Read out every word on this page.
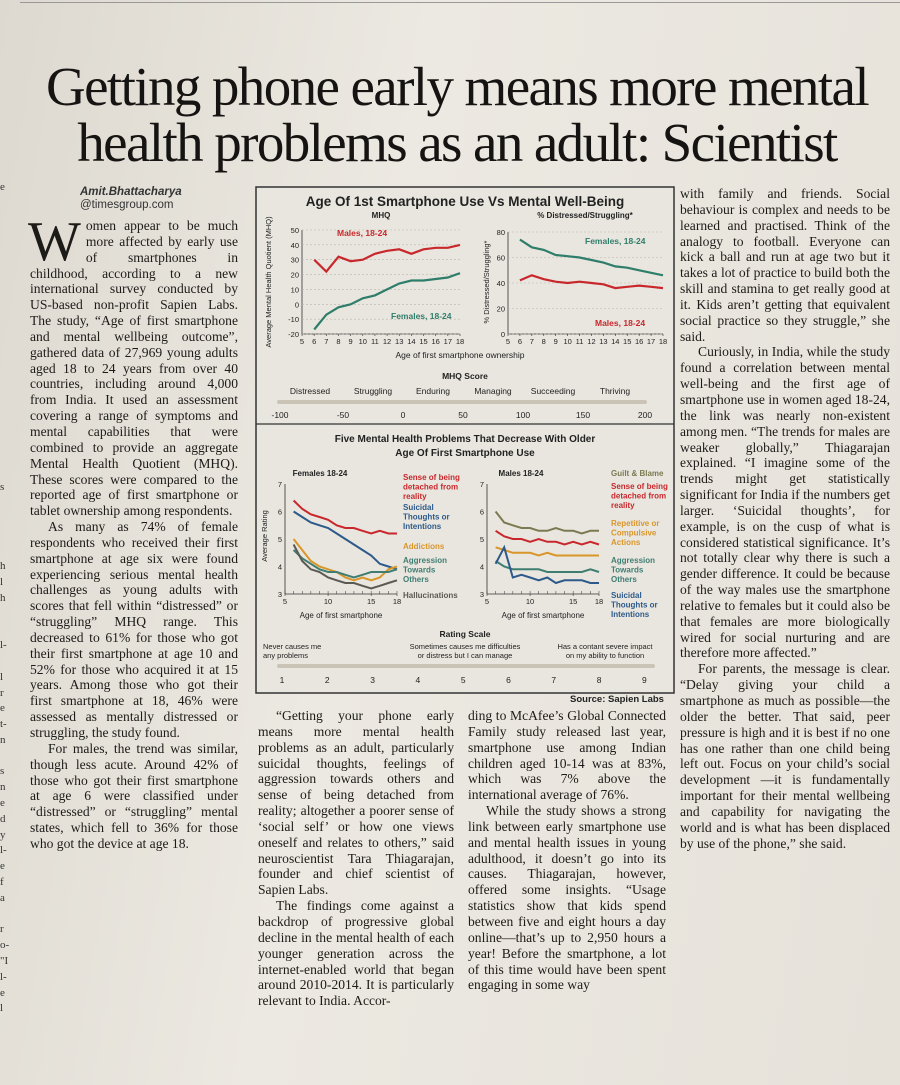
e
s
h
l
h
l-
l
r
e
t-
n
s
n
e
d
y
l-
e
f
a
r
o-
"I
l-
e
l
Getting phone early means more mental
health problems as an adult: Scientist
Amit.Bhattacharya
@timesgroup.com

Women appear to be much more affected by early use of smartphones in childhood, according to a new international survey conducted by US-based non-profit Sapien Labs. The study, “Age of first smartphone and mental wellbeing outcome”, gathered data of 27,969 young adults aged 18 to 24 years from over 40 countries, including around 4,000 from India. It used an assessment covering a range of symptoms and mental capabilities that were combined to provide an aggregate Mental Health Quotient (MHQ). These scores were compared to the reported age of first smartphone or tablet ownership among respondents.

As many as 74% of female respondents who received their first smartphone at age six were found experiencing serious mental health challenges as young adults with scores that fell within “distressed” or “struggling” MHQ range. This decreased to 61% for those who got their first smartphone at age 10 and 52% for those who acquired it at 15 years. Among those who got their first smartphone at 18, 46% were assessed as mentally distressed or struggling, the study found.

For males, the trend was similar, though less acute. Around 42% of those who got their first smartphone at age 6 were classified under “distressed” or “struggling” mental states, which fell to 36% for those who got the device at age 18.

“Getting your phone early means more mental health problems as an adult, particularly suicidal thoughts, feelings of aggression towards others and sense of being detached from reality; altogether a poorer sense of ‘social self’ or how one views oneself and relates to others,” said neuroscientist Tara Thiagarajan, founder and chief scientist of Sapien Labs.

The findings come against a backdrop of progressive global decline in the mental health of each younger generation across the internet-enabled world that began around 2010-2014. It is particularly relevant to India. Accor-

ding to McAfee’s Global Connected Family study released last year, smartphone use among Indian children aged 10-14 was at 83%, which was 7% above the international average of 76%.

While the study shows a strong link between early smartphone use and mental health issues in young adulthood, it doesn’t go into its causes. Thiagarajan, however, offered some insights. “Usage statistics show that kids spend between five and eight hours a day online—that’s up to 2,950 hours a year! Before the smartphone, a lot of this time would have been spent engaging in some way

with family and friends. Social behaviour is complex and needs to be learned and practised. Think of the analogy to football. Everyone can kick a ball and run at age two but it takes a lot of practice to build both the skill and stamina to get really good at it. Kids aren’t getting that equivalent social practice so they struggle,” she said.

Curiously, in India, while the study found a correlation between mental well-being and the first age of smartphone use in women aged 18-24, the link was nearly non-existent among men. “The trends for males are weaker globally,” Thiagarajan explained. “I imagine some of the trends might get statistically significant for India if the numbers get larger. ‘Suicidal thoughts’, for example, is on the cusp of what is considered statistical significance. It’s not totally clear why there is such a gender difference. It could be because of the way males use the smartphone relative to females but it could also be that females are more biologically wired for social nurturing and are therefore more affected.”

For parents, the message is clear. “Delay giving your child a smartphone as much as possible—the older the better. That said, peer pressure is high and it is best if no one has one rather than one child being left out. Focus on your child’s social development —it is fundamentally important for their mental wellbeing and capability for navigating the world and is what has been displaced by use of the phone,” she said.

Age Of 1st Smartphone Use Vs Mental Well-Being
50
40
30
20
10
0
-10
-20
5 6 7 8 9 10 11 12 13 14 15 16 17 18
MHQ
Males, 18-24
Females, 18-24
Average Mental Health Quotient (MHQ)
Age of first smartphone ownership
80
60
40
20
0
5 6 7 8 9 10 11 12 13 14 15 16 17 18
% Distressed/Struggling*
Females, 18-24
Males, 18-24
% Distressed/Struggling*
MHQ Score
Distressed	Struggling	Enduring	Managing Succeeding	Thriving
-100	-50	0	50	100	150	200
Five Mental Health Problems That Decrease With Older
Age Of First Smartphone Use
7
6
5
4
3
5	10	15 18
Females 18-24
Average Rating
Age of first smartphone
Sense of being
detached from
reality
Suicidal
Thoughts or
Intentions
Addictions
Aggression
Towards
Others
Hallucinations
7
6
5
4
3
5	10	15 18
Males 18-24
Age of first smartphone
Guilt & Blame
Sense of being
detached from
reality
Repetitive or
Compulsive
Actions
Aggression
Towards
Others
Suicidal
Thoughts or
Intentions
Rating Scale
Never causes me
any problems
Sometimes causes me difficulties
or distress but I can manage
Has a contant severe impact
on my ability to function
1	2	3	4	5	6	7	8	9
Source: Sapien Labs
